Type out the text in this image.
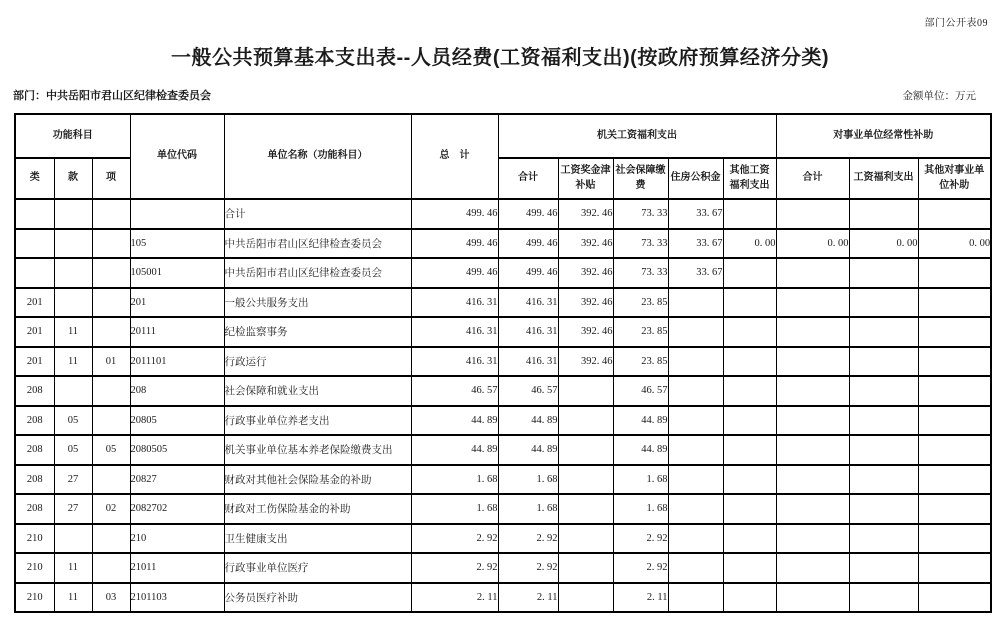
部门公开表09
一般公共预算基本支出表--人员经费(工资福利支出)(按政府预算经济分类)
部门：中共岳阳市君山区纪律检查委员会	金额单位：万元
功能科目			单位代码	单位名称（功能科目）	总　计	机关工资福利支出					对事业单位经常性补助		
类	款	项				合计	工资奖金津补贴	社会保障缴费	住房公积金	其他工资福利支出	合计	工资福利支出	其他对事业单位补助
				合计	499. 46	499. 46	392. 46	73. 33	33. 67				
			105	中共岳阳市君山区纪律检查委员会	499. 46	499. 46	392. 46	73. 33	33. 67	0. 00	0. 00	0. 00	0. 00
			105001	中共岳阳市君山区纪律检查委员会	499. 46	499. 46	392. 46	73. 33	33. 67				
201			201	一般公共服务支出	416. 31	416. 31	392. 46	23. 85					
201	11		20111	纪检监察事务	416. 31	416. 31	392. 46	23. 85					
201	11	01	2011101	行政运行	416. 31	416. 31	392. 46	23. 85					
208			208	社会保障和就业支出	46. 57	46. 57		46. 57					
208	05		20805	行政事业单位养老支出	44. 89	44. 89		44. 89					
208	05	05	2080505	机关事业单位基本养老保险缴费支出	44. 89	44. 89		44. 89					
208	27		20827	财政对其他社会保险基金的补助	1. 68	1. 68		1. 68					
208	27	02	2082702	财政对工伤保险基金的补助	1. 68	1. 68		1. 68					
210			210	卫生健康支出	2. 92	2. 92		2. 92					
210	11		21011	行政事业单位医疗	2. 92	2. 92		2. 92					
210	11	03	2101103	公务员医疗补助	2. 11	2. 11		2. 11					
